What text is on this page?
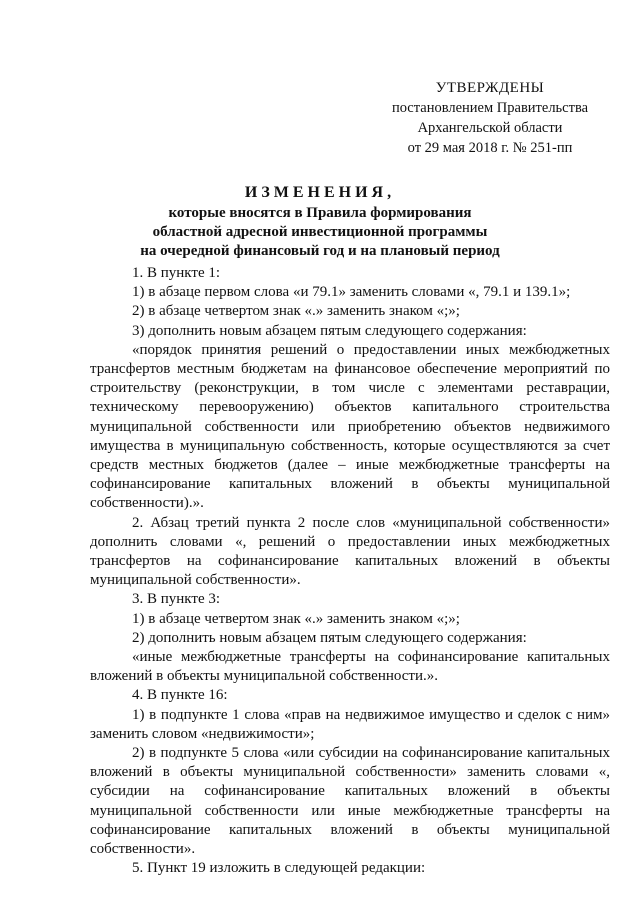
УТВЕРЖДЕНЫ
постановлением Правительства
Архангельской области
от 29 мая 2018 г. № 251-пп
ИЗМЕНЕНИЯ,
которые вносятся в Правила формирования
областной адресной инвестиционной программы
на очередной финансовый год и на плановый период

1. В пункте 1:

1) в абзаце первом слова «и 79.1» заменить словами «, 79.1 и 139.1»;

2) в абзаце четвертом знак «.» заменить знаком «;»;

3) дополнить новым абзацем пятым следующего содержания:

«порядок принятия решений о предоставлении иных межбюджетных трансфертов местным бюджетам на финансовое обеспечение мероприятий по строительству (реконструкции, в том числе с элементами реставрации, техническому перевооружению) объектов капитального строительства муниципальной собственности или приобретению объектов недвижимого имущества в муниципальную собственность, которые осуществляются за счет средств местных бюджетов (далее – иные межбюджетные трансферты на софинансирование капитальных вложений в объекты муниципальной собственности).».

2. Абзац третий пункта 2 после слов «муниципальной собственности» дополнить словами «, решений о предоставлении иных межбюджетных трансфертов на софинансирование капитальных вложений в объекты муниципальной собственности».

3. В пункте 3:

1) в абзаце четвертом знак «.» заменить знаком «;»;

2) дополнить новым абзацем пятым следующего содержания:

«иные межбюджетные трансферты на софинансирование капитальных вложений в объекты муниципальной собственности.».

4. В пункте 16:

1) в подпункте 1 слова «прав на недвижимое имущество и сделок с ним» заменить словом «недвижимости»;

2) в подпункте 5 слова «или субсидии на софинансирование капитальных вложений в объекты муниципальной собственности» заменить словами «, субсидии на софинансирование капитальных вложений в объекты муниципальной собственности или иные межбюджетные трансферты на софинансирование капитальных вложений в объекты муниципальной собственности».

5. Пункт 19 изложить в следующей редакции:
